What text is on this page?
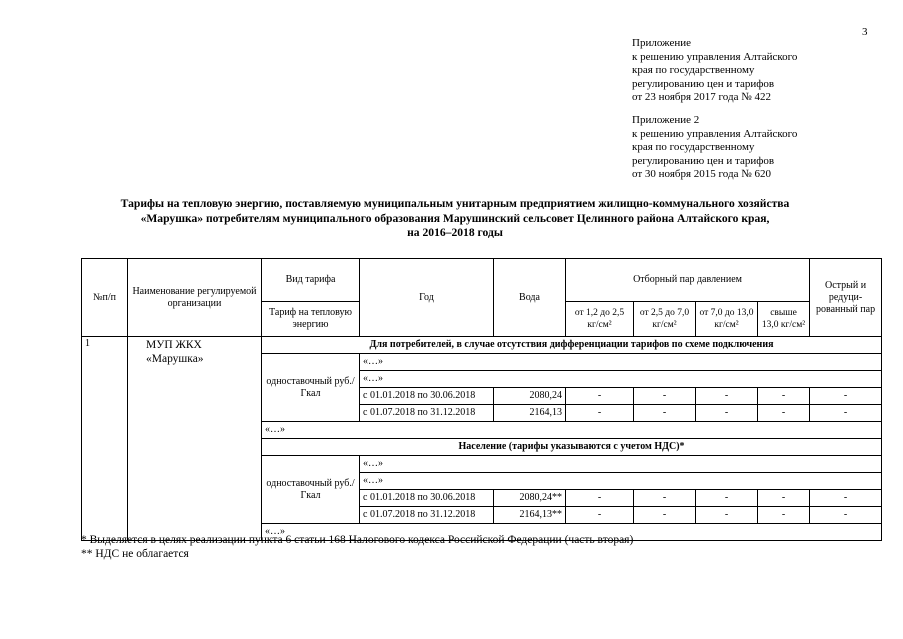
3
Приложение
к решению управления Алтайского
края по государственному
регулированию цен и тарифов
от 23 ноября 2017 года № 422
Приложение 2
к решению управления Алтайского
края по государственному
регулированию цен и тарифов
от 30 ноября 2015 года № 620
Тарифы на тепловую энергию, поставляемую муниципальным унитарным предприятием жилищно-коммунального хозяйства
«Марушка» потребителям муниципального образования Марушинский сельсовет Целинного района Алтайского края,
на 2016–2018 годы
№п/п	Наименование регулируемой организации	Вид тарифа	Год	Вода	Отборный пар давлением				Острый и редуци-рованный пар
		Тариф на тепловую энергию			от 1,2 до 2,5 кг/см²	от 2,5 до 7,0 кг/см²	от 7,0 до 13,0 кг/см²	свыше 13,0 кг/см²	
1	МУП ЖКХ «Марушка»	Для потребителей, в случае отсутствия дифференциации тарифов по схеме подключения							
		одноставочный руб./Гкал	«…»						
			«…»						
			с 01.01.2018 по 30.06.2018	2080,24	-	-	-	-	-
			с 01.07.2018 по 31.12.2018	2164,13	-	-	-	-	-
		«…»							
		Население (тарифы указываются с учетом НДС)*							
		одноставочный руб./Гкал	«…»						
			«…»						
			с 01.01.2018 по 30.06.2018	2080,24**	-	-	-	-	-
			с 01.07.2018 по 31.12.2018	2164,13**	-	-	-	-	-
		«…»							
* Выделяется в целях реализации пункта 6 статьи 168 Налогового кодекса Российской Федерации (часть вторая)
** НДС не облагается
